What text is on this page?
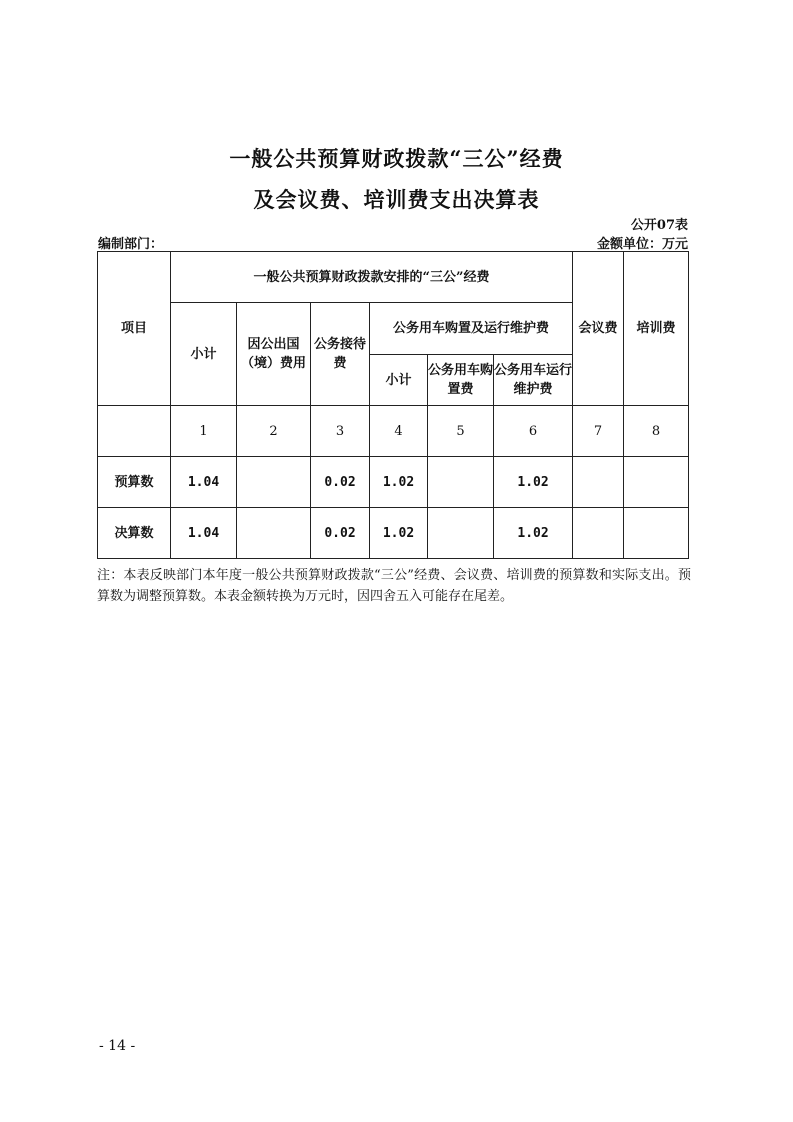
一般公共预算财政拨款“三公”经费
及会议费、培训费支出决算表
公开07表
编制部门：	金额单位：万元
项目	一般公共预算财政拨款安排的“三公”经费						会议费	培训费
	小计	因公出国（境）费用	公务接待费	公务用车购置及运行维护费				
				小计	公务用车购置费	公务用车运行维护费		
	1	2	3	4	5	6	7	8
预算数	1.04		0.02	1.02		1.02		
决算数	1.04		0.02	1.02		1.02		
注：本表反映部门本年度一般公共预算财政拨款“三公”经费、会议费、培训费的预算数和实际支出。预算数为调整预算数。本表金额转换为万元时，因四舍五入可能存在尾差。
- 14 -
